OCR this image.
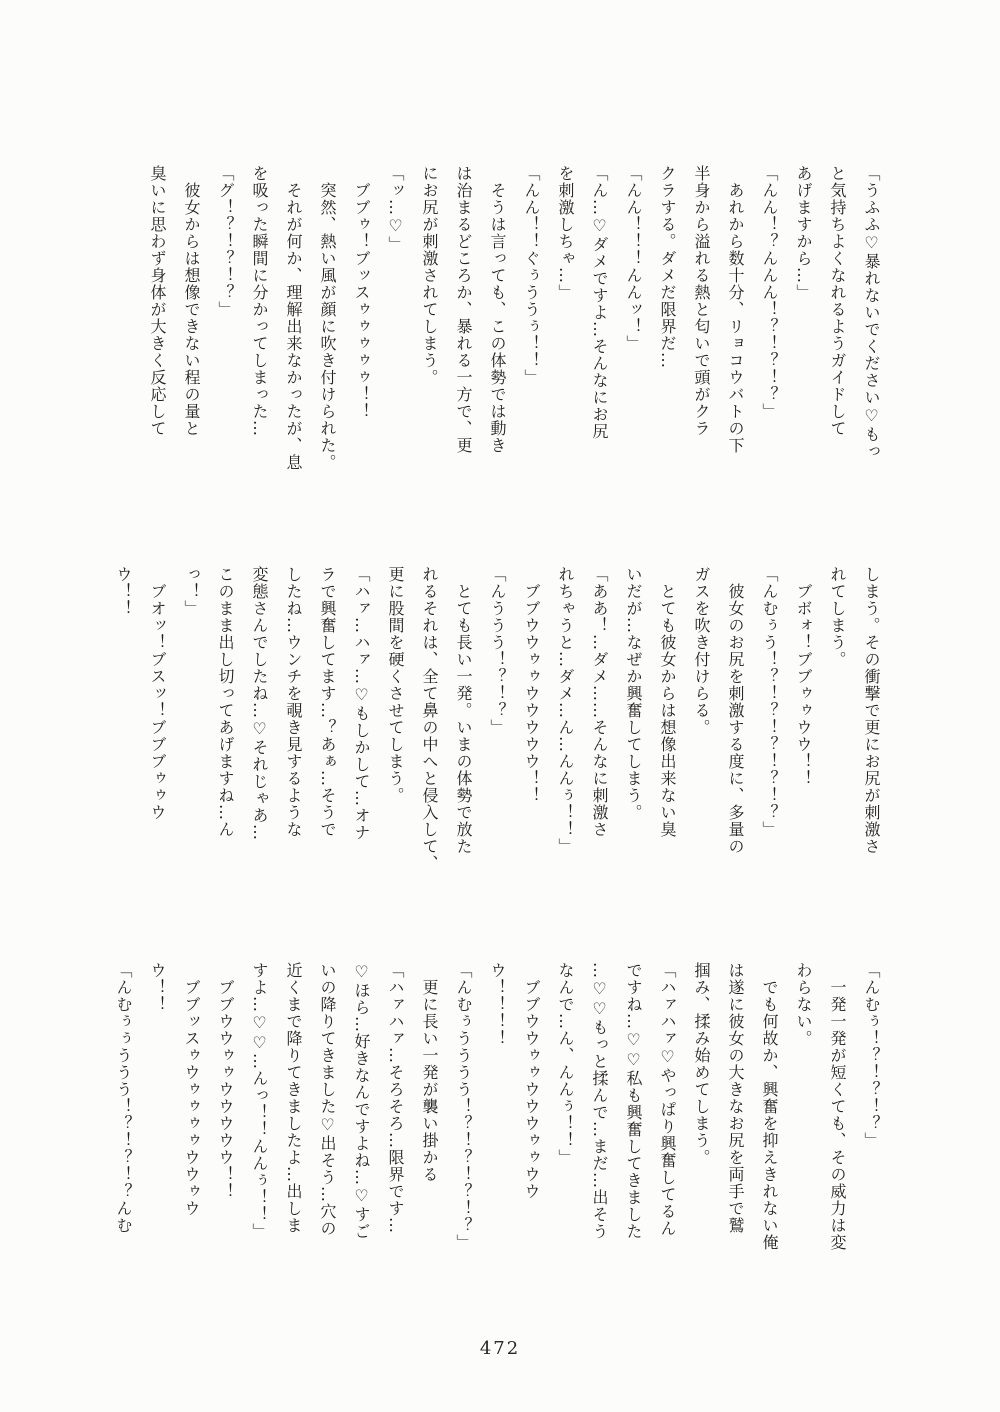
「うふふ♡暴れないでください♡もっ
と気持ちよくなれるようガイドして
あげますから…」
「んん！？んんん！？！？！？」
　あれから数十分、リョコウバトの下
半身から溢れる熱と匂いで頭がクラ
クラする。ダメだ限界だ…
「んん！！！んんッ！」
「ん…♡ダメですよ…そんなにお尻
を刺激しちゃ…」
「んん！！ぐぅううぅ！！」
　そうは言っても、この体勢では動き
は治まるどころか、暴れる一方で、更
にお尻が刺激されてしまう。
「ッ…♡」
　ブブゥ！ブッスゥゥゥゥゥ！！
　突然、熱い風が顔に吹き付けられた。
　それが何か、理解出来なかったが、息
を吸った瞬間に分かってしまった…
「グ！？！？！？」
　彼女からは想像できない程の量と
臭いに思わず身体が大きく反応して
しまう。その衝撃で更にお尻が刺激さ
れてしまう。
　ブボォ！ブブゥゥウウ！！
「んむぅう！？！？！？！？！？」
　彼女のお尻を刺激する度に、多量の
ガスを吹き付けらる。
　とても彼女からは想像出来ない臭
いだが…なぜか興奮してしまう。
「ああ！…ダメ……そんなに刺激さ
れちゃうと…ダメ…ん…んんぅ！！」
　ブブウウゥゥウウウウウ！！
「んううう！？！？」
　とても長い一発。いまの体勢で放た
れるそれは、全て鼻の中へと侵入して、
更に股間を硬くさせてしまう。
「ハァ…ハァ…♡もしかして…オナ
ラで興奮してます…？あぁ…そうで
したね…ウンチを覗き見するような
変態さんでしたね…♡それじゃあ…
このまま出し切ってあげますね…ん
っ！」
　ブオッ！ブスッ！ブブブゥゥウ
ウ！！
「んむぅ！？！？！？」
　一発一発が短くても、その威力は変
わらない。
　でも何故か、興奮を抑えきれない俺
は遂に彼女の大きなお尻を両手で鷲
掴み、揉み始めてしまう。
「ハァハァ♡やっぱり興奮してるん
ですね…♡♡私も興奮してきました
…♡♡もっと揉んで…まだ…出そう
なんで…ん、んんぅ！！」
　ブブウウゥゥウウウゥゥウウ
ウ！！！！
「んむぅうううう！？！？！？！？」
　更に長い一発が襲い掛かる
「ハァハァ…そろそろ…限界です…
♡ほら…好きなんですよね…♡すご
いの降りてきました♡出そう…穴の
近くまで降りてきましたよ…出しま
すよ…♡♡…んっ！！んんぅ！！」
　ブブウウゥゥウウウウウ！！
　ブブッスゥウゥゥゥゥウウゥウ
ウ！！
「んむぅぅううう！？！？！？んむ
472
